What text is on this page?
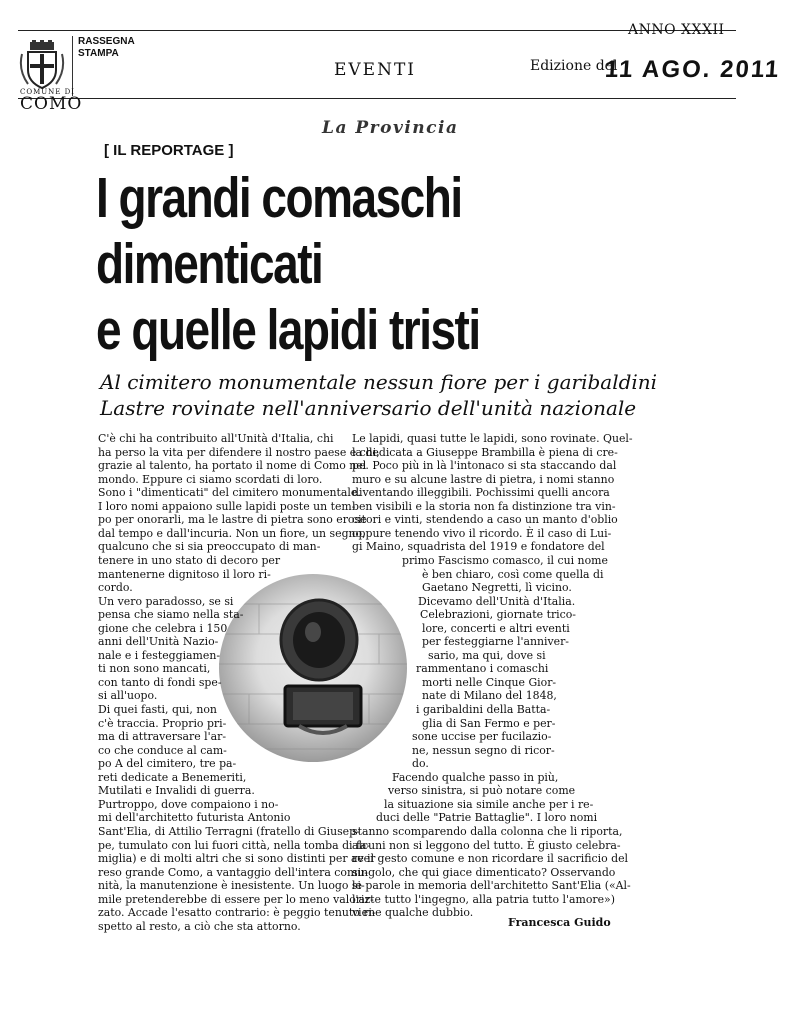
ANNO XXXII
RASSEGNA
STAMPA
COMUNE DI
COMO
EVENTI	Edizione del
11 AGO. 2011
La Provincia
[ IL REPORTAGE ]
I grandi comaschi
dimenticati
e quelle lapidi tristi
Al cimitero monumentale nessun fiore per i garibaldini
Lastre rovinate nell'anniversario dell'unità nazionale
C'è chi ha contribuito all'Unità d'Italia, chi
ha perso la vita per difendere il nostro paese e chi,
grazie al talento, ha portato il nome di Como nel
mondo. Eppure ci siamo scordati di loro.
Sono i "dimenticati" del cimitero monumentale.
I loro nomi appaiono sulle lapidi poste un tem-
po per onorarli, ma le lastre di pietra sono erose
dal tempo e dall'incuria. Non un fiore, un segno,
qualcuno che si sia preoccupato di man-
tenere in uno stato di decoro per
mantenerne dignitoso il loro ri-
cordo.
Un vero paradosso, se si
pensa che siamo nella sta-
gione che celebra i 150
anni dell'Unità Nazio-
nale e i festeggiamen-
ti non sono mancati,
con tanto di fondi spe-
si all'uopo.
Di quei fasti, qui, non
c'è traccia. Proprio pri-
ma di attraversare l'ar-
co che conduce al cam-
po A del cimitero, tre pa-
reti dedicate a Benemeriti,
Mutilati e Invalidi di guerra.
Purtroppo, dove compaiono i no-
mi dell'architetto futurista Antonio
Sant'Elia, di Attilio Terragni (fratello di Giusep-
pe, tumulato con lui fuori città, nella tomba di fa-
miglia) e di molti altri che si sono distinti per aver
reso grande Como, a vantaggio dell'intera comu-
nità, la manutenzione è inesistente. Un luogo si-
mile pretenderebbe di essere per lo meno valoriz-
zato. Accade l'esatto contrario: è peggio tenuto ri-
spetto al resto, a ciò che sta attorno.
Le lapidi, quasi tutte le lapidi, sono rovinate. Quel-
la dedicata a Giuseppe Brambilla è piena di cre-
pe. Poco più in là l'intonaco si sta staccando dal
muro e su alcune lastre di pietra, i nomi stanno
diventando illeggibili. Pochissimi quelli ancora
ben visibili e la storia non fa distinzione tra vin-
citori e vinti, stendendo a caso un manto d'oblio
oppure tenendo vivo il ricordo. È il caso di Lui-
gi Maino, squadrista del 1919 e fondatore del
primo Fascismo comasco, il cui nome
è ben chiaro, così come quella di
Gaetano Negretti, lì vicino.
Dicevamo dell'Unità d'Italia.
Celebrazioni, giornate trico-
lore, concerti e altri eventi
per festeggiarne l'anniver-
sario, ma qui, dove si
rammentano i comaschi
morti nelle Cinque Gior-
nate di Milano del 1848,
i garibaldini della Batta-
glia di San Fermo e per-
sone uccise per fucilazio-
ne, nessun segno di ricor-
do.
Facendo qualche passo in più,
verso sinistra, si può notare come
la situazione sia simile anche per i re-
duci delle "Patrie Battaglie". I loro nomi
stanno scomparendo dalla colonna che li riporta,
alcuni non si leggono del tutto. È giusto celebra-
re il gesto comune e non ricordare il sacrificio del
singolo, che qui giace dimenticato? Osservando
le parole in memoria dell'architetto Sant'Elia («Al-
l'arte tutto l'ingegno, alla patria tutto l'amore»)
viene qualche dubbio.
Francesca Guido
